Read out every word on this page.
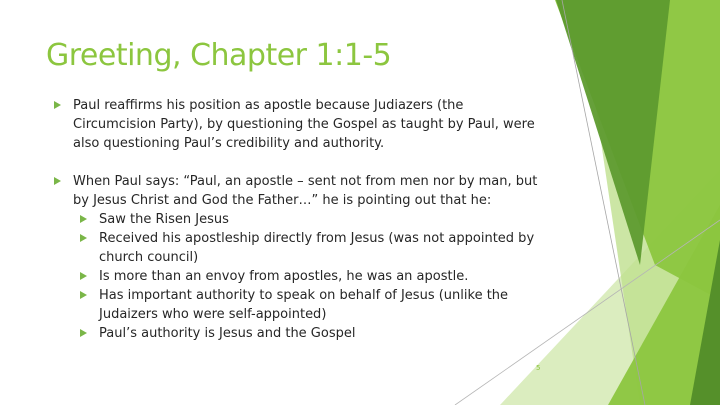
Greeting, Chapter 1:1-5
Paul reaffirms his position as apostle because Judiazers (the Circumcision Party), by questioning the Gospel as taught by Paul, were also questioning Paul’s credibility and authority.
When Paul says: “Paul, an apostle – sent not from men nor by man, but by Jesus Christ and God the Father…” he is pointing out that he:
Saw the Risen Jesus
Received his apostleship directly from Jesus (was not appointed by church council)
Is more than an envoy from apostles, he was an apostle.
Has important authority to speak on behalf of Jesus (unlike the Judaizers who were self-appointed)
Paul’s authority is Jesus and the Gospel
5
